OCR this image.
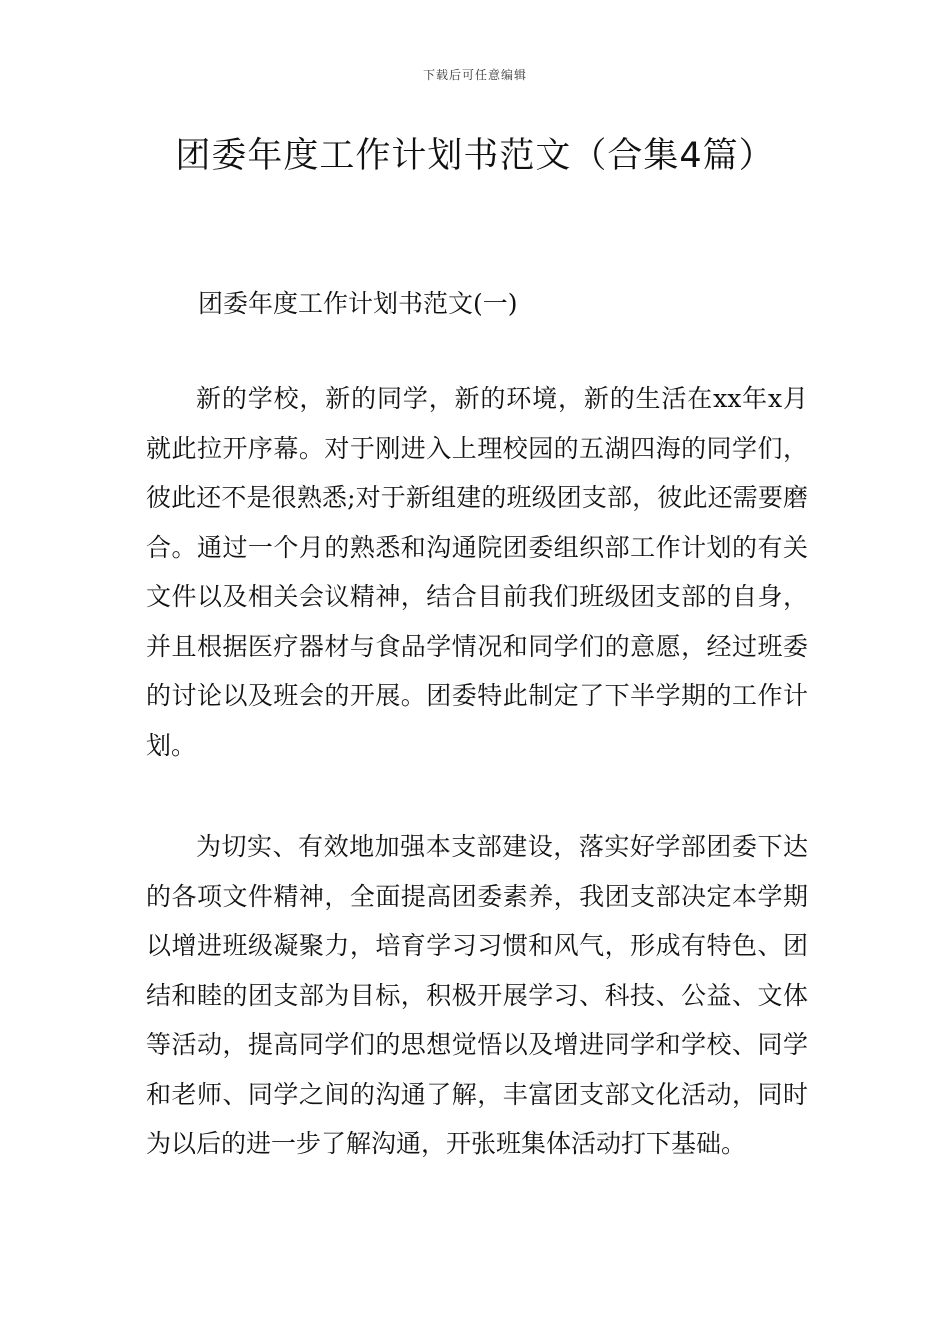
下载后可任意编辑
团委年度工作计划书范文（合集4篇）
团委年度工作计划书范文(一)

新的学校，新的同学，新的环境，新的生活在xx年x月就此拉开序幕。对于刚进入上理校园的五湖四海的同学们，彼此还不是很熟悉;对于新组建的班级团支部，彼此还需要磨合。通过一个月的熟悉和沟通院团委组织部工作计划的有关文件以及相关会议精神，结合目前我们班级团支部的自身，并且根据医疗器材与食品学情况和同学们的意愿，经过班委的讨论以及班会的开展。团委特此制定了下半学期的工作计划。

为切实、有效地加强本支部建设，落实好学部团委下达的各项文件精神，全面提高团委素养，我团支部决定本学期以增进班级凝聚力，培育学习习惯和风气，形成有特色、团结和睦的团支部为目标，积极开展学习、科技、公益、文体等活动，提高同学们的思想觉悟以及增进同学和学校、同学和老师、同学之间的沟通了解，丰富团支部文化活动，同时为以后的进一步了解沟通，开张班集体活动打下基础。
